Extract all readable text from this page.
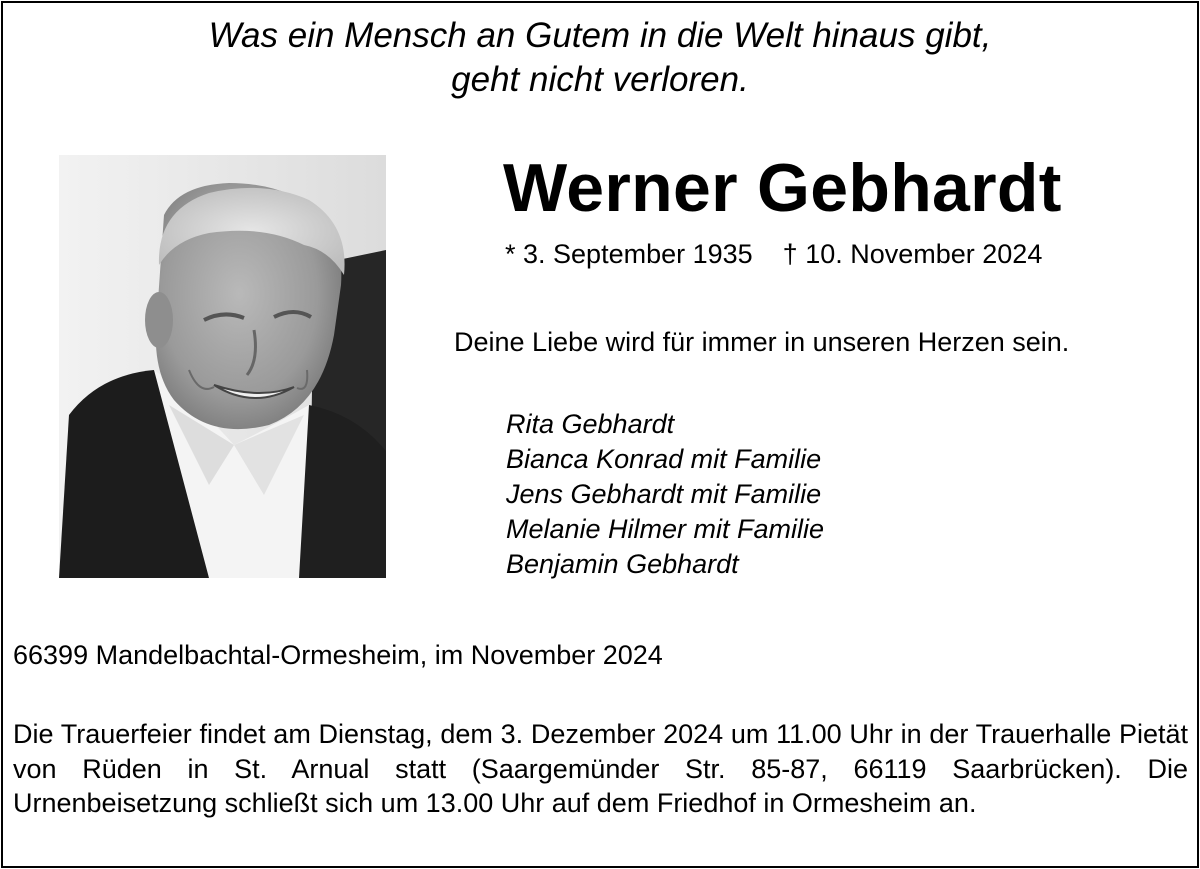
Was ein Mensch an Gutem in die Welt hinaus gibt,
geht nicht verloren.
Werner Gebhardt
* 3. September 1935 † 10. November 2024
Deine Liebe wird für immer in unseren Herzen sein.
Rita Gebhardt
Bianca Konrad mit Familie
Jens Gebhardt mit Familie
Melanie Hilmer mit Familie
Benjamin Gebhardt
66399 Mandelbachtal-Ormesheim, im November 2024
Die Trauerfeier findet am Dienstag, dem 3. Dezember 2024 um 11.00 Uhr in der Trauerhalle Pietät von Rüden in St. Arnual statt (Saargemünder Str. 85-87, 66119 Saarbrücken). Die Urnenbeisetzung schließt sich um 13.00 Uhr auf dem Friedhof in Ormesheim an.
